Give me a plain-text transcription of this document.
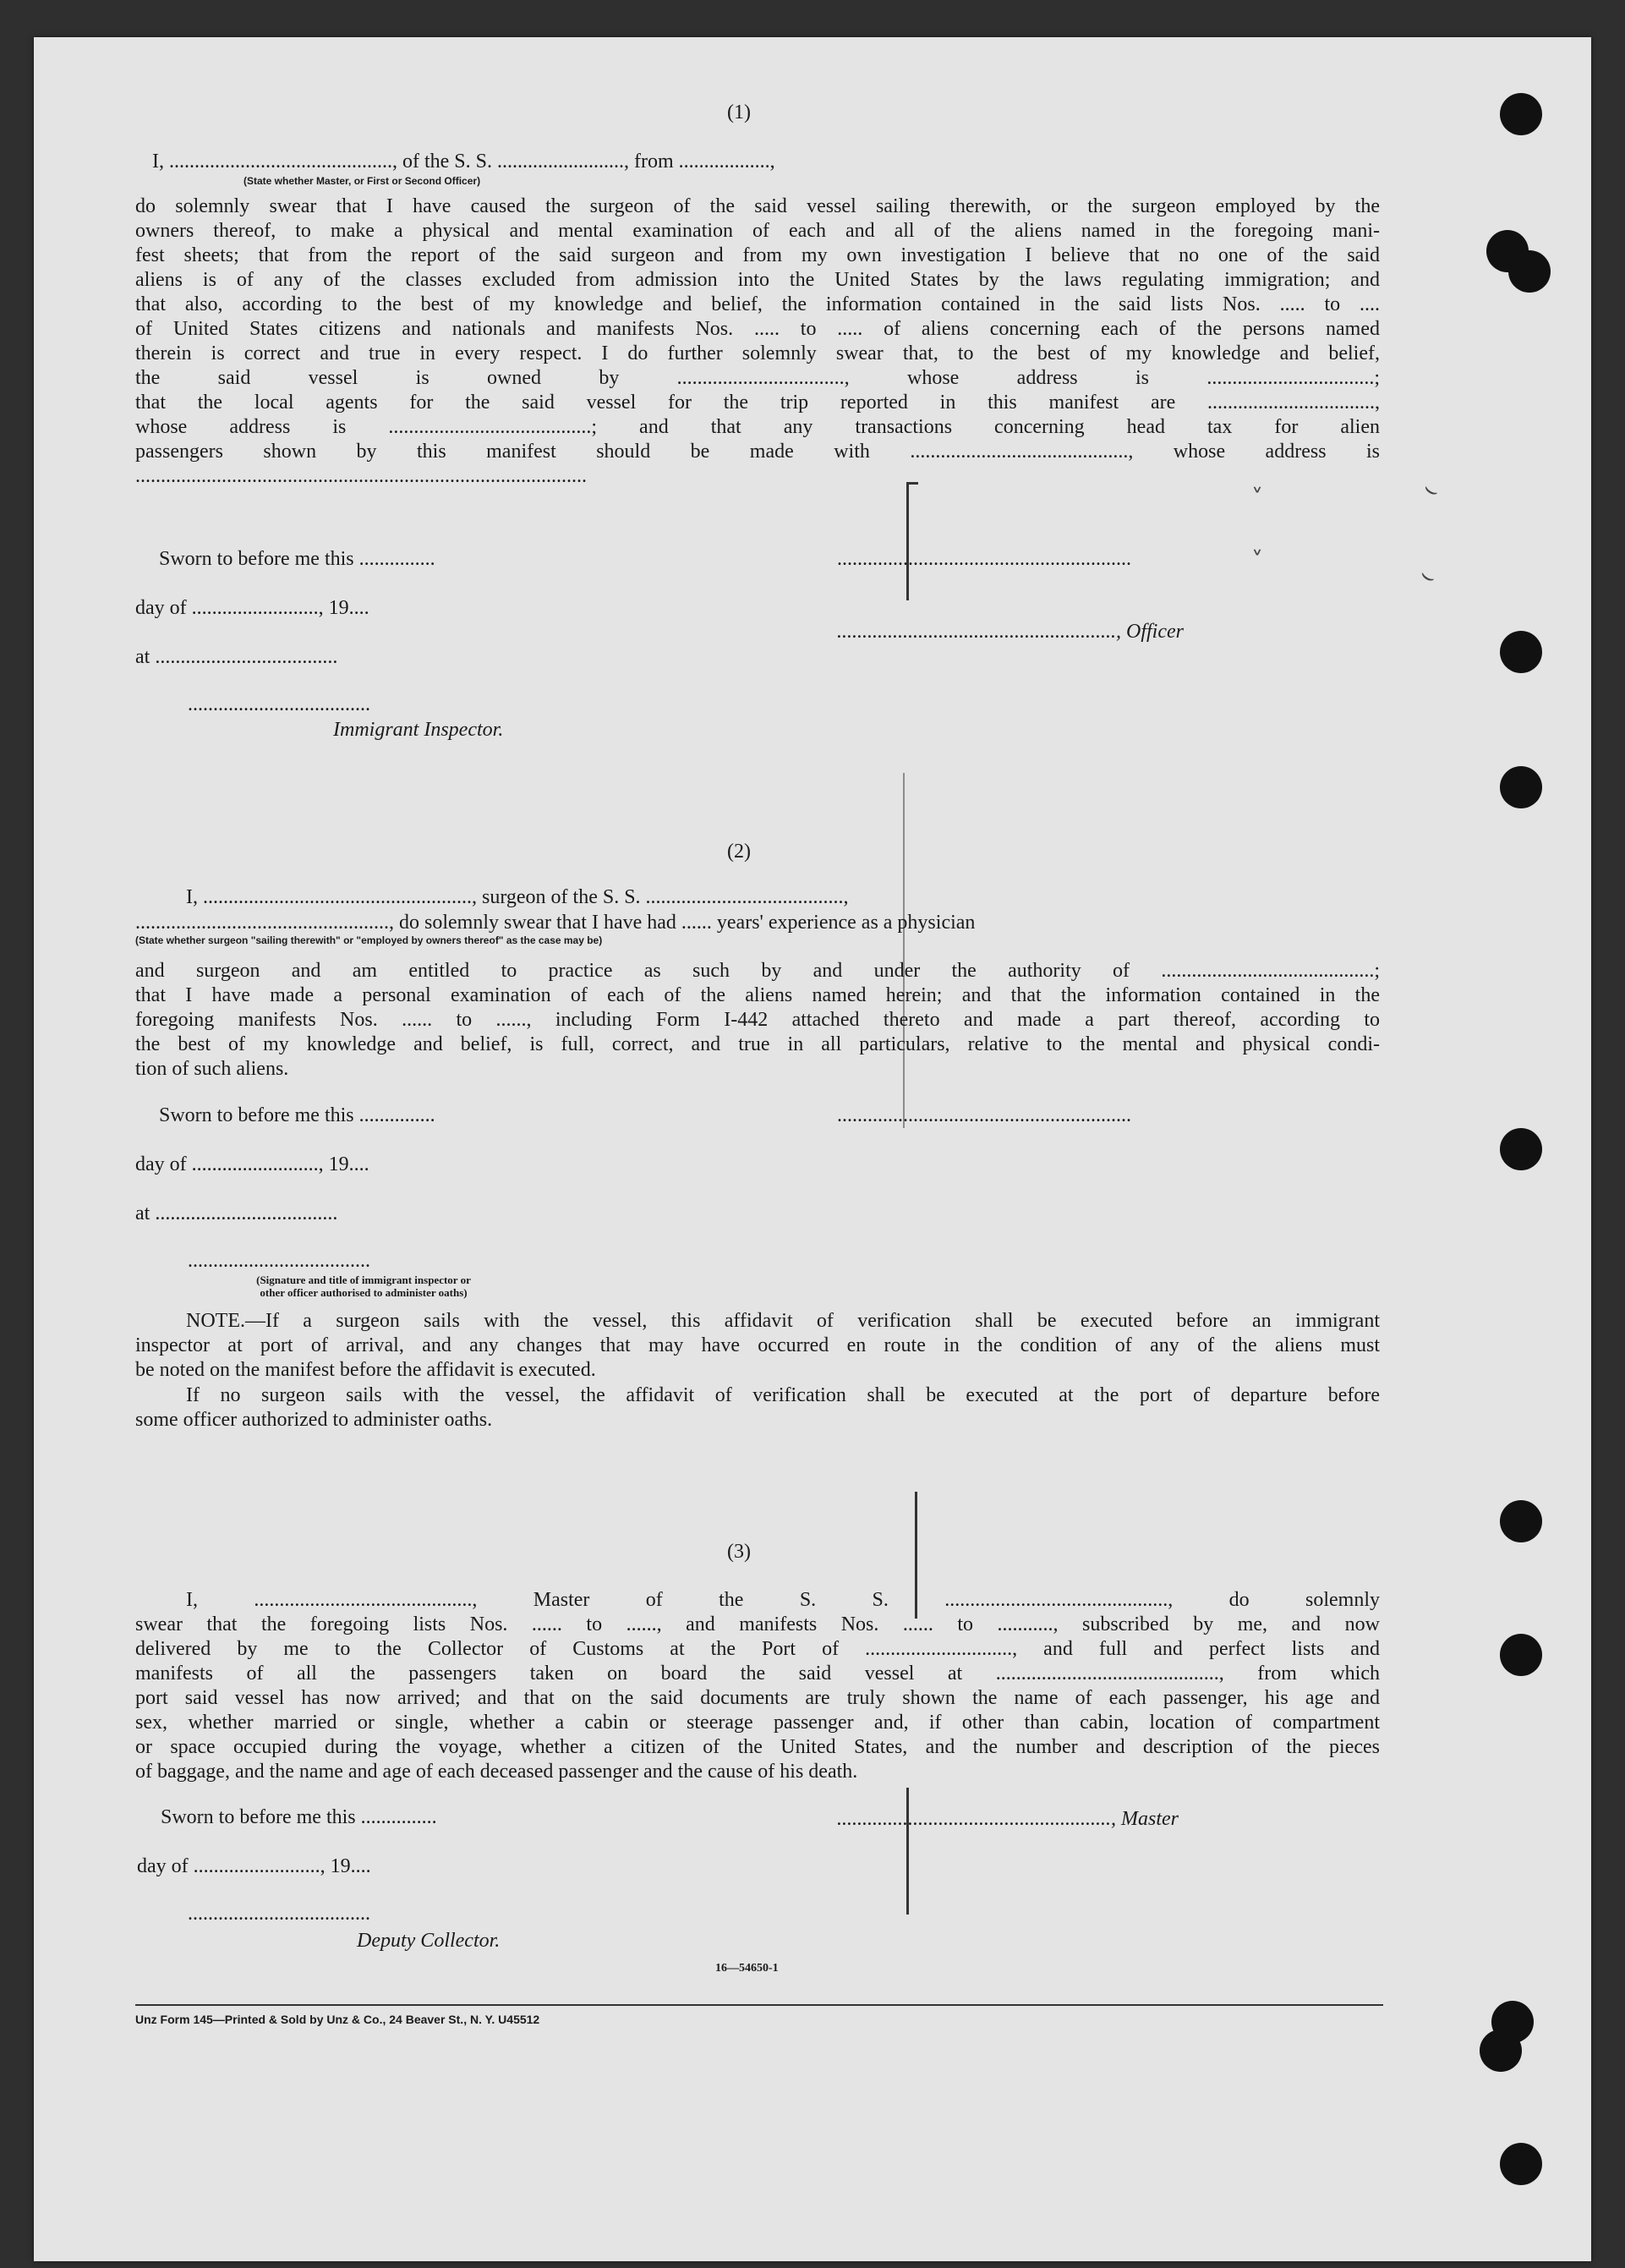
˅
˅
⌣
⌣
(1)
I, ............................................, of the S. S. ........................., from ..................,
(State whether Master, or First or Second Officer)

do solemnly swear that I have caused the surgeon of the said vessel sailing therewith, or the surgeon employed by the

owners thereof, to make a physical and mental examination of each and all of the aliens named in the foregoing mani-

fest sheets; that from the report of the said surgeon and from my own investigation I believe that no one of the said

aliens is of any of the classes excluded from admission into the United States by the laws regulating immigration; and

that also, according to the best of my knowledge and belief, the information contained in the said lists Nos. ..... to ....

of United States citizens and nationals and manifests Nos. ..... to ..... of aliens concerning each of the persons named

therein is correct and true in every respect. I do further solemnly swear that, to the best of my knowledge and belief,

the said vessel is owned by ................................., whose address is .................................;

that the local agents for the said vessel for the trip reported in this manifest are .................................,

whose address is ........................................; and that any transactions concerning head tax for alien

passengers shown by this manifest should be made with ..........................................., whose address is

.........................................................................................

Sworn to before me this ...............
day of ........................., 19....
at ....................................
....................................
Immigrant Inspector.
..........................................................
......................................................., Officer
(2)
I, ....................................................., surgeon of the S. S. .......................................,
.................................................., do solemnly swear that I have had ...... years' experience as a physician
(State whether surgeon "sailing therewith" or "employed by owners thereof" as the case may be)

and surgeon and am entitled to practice as such by and under the authority of ..........................................;

that I have made a personal examination of each of the aliens named herein; and that the information contained in the

foregoing manifests Nos. ...... to ......, including Form I-442 attached thereto and made a part thereof, according to

the best of my knowledge and belief, is full, correct, and true in all particulars, relative to the mental and physical condi-

tion of such aliens.

Sworn to before me this ...............
day of ........................., 19....
at ....................................
....................................
(Signature and title of immigrant inspector or
other officer authorised to administer oaths)
..........................................................

NOTE.—If a surgeon sails with the vessel, this affidavit of verification shall be executed before an immigrant

inspector at port of arrival, and any changes that may have occurred en route in the condition of any of the aliens must

be noted on the manifest before the affidavit is executed.

If no surgeon sails with the vessel, the affidavit of verification shall be executed at the port of departure before

some officer authorized to administer oaths.

(3)

I, ..........................................., Master of the S. S. ............................................, do solemnly

swear that the foregoing lists Nos. ...... to ......, and manifests Nos. ...... to ..........., subscribed by me, and now

delivered by me to the Collector of Customs at the Port of ............................., and full and perfect lists and

manifests of all the passengers taken on board the said vessel at ............................................, from which

port said vessel has now arrived; and that on the said documents are truly shown the name of each passenger, his age and

sex, whether married or single, whether a cabin or steerage passenger and, if other than cabin, location of compartment

or space occupied during the voyage, whether a citizen of the United States, and the number and description of the pieces

of baggage, and the name and age of each deceased passenger and the cause of his death.

Sworn to before me this ...............
day of ........................., 19....
....................................
Deputy Collector.
......................................................, Master
16—54650-1
Unz Form 145—Printed & Sold by Unz & Co., 24 Beaver St., N. Y. U45512
